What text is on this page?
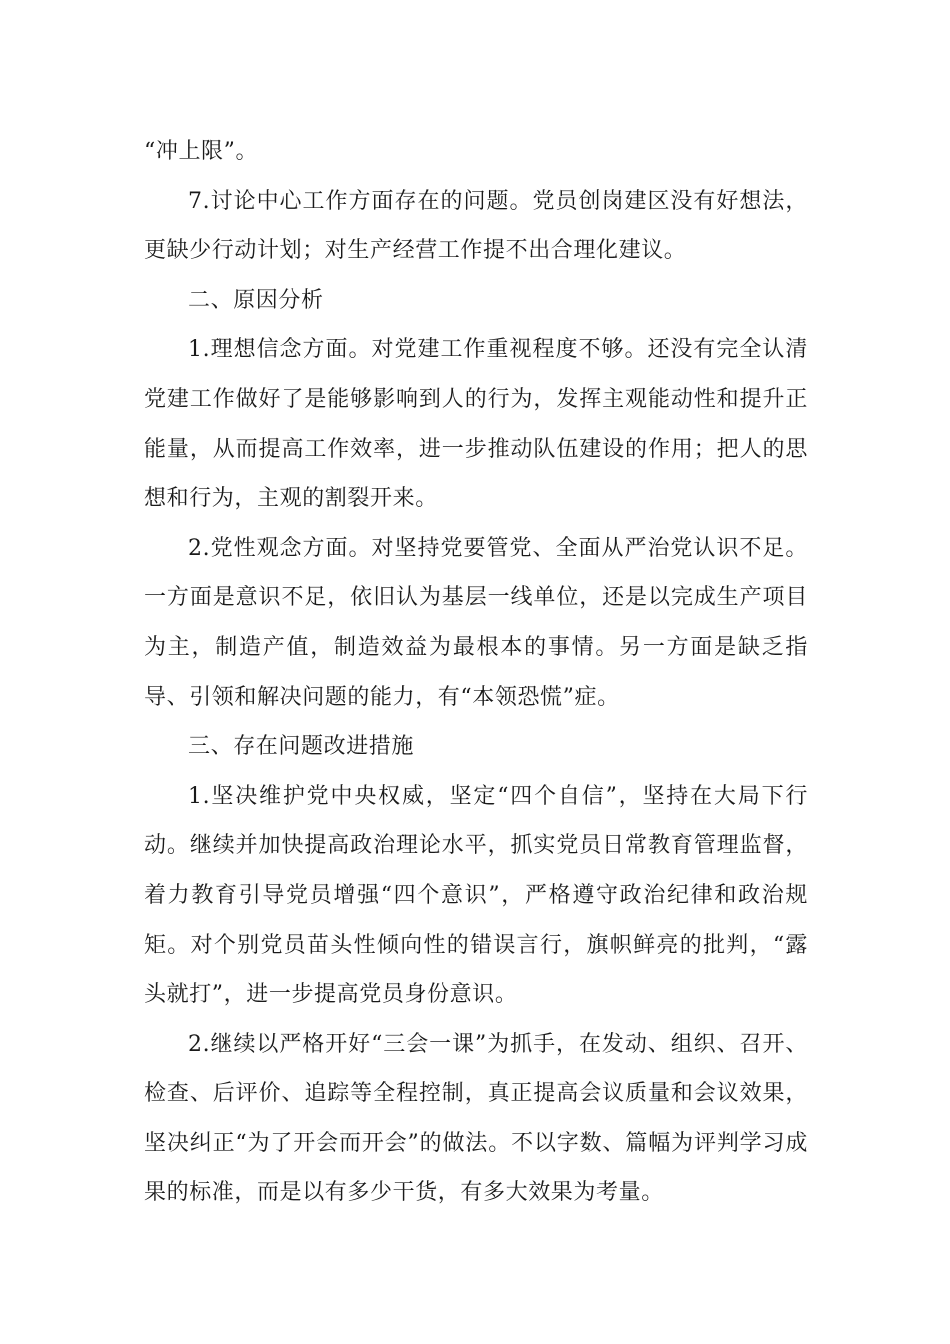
“冲上限”。

7.讨论中心工作方面存在的问题。党员创岗建区没有好想法，更缺少行动计划；对生产经营工作提不出合理化建议。

二、原因分析

1.理想信念方面。对党建工作重视程度不够。还没有完全认清党建工作做好了是能够影响到人的行为，发挥主观能动性和提升正能量，从而提高工作效率，进一步推动队伍建设的作用；把人的思想和行为，主观的割裂开来。

2.党性观念方面。对坚持党要管党、全面从严治党认识不足。一方面是意识不足，依旧认为基层一线单位，还是以完成生产项目为主，制造产值，制造效益为最根本的事情。另一方面是缺乏指导、引领和解决问题的能力，有“本领恐慌”症。

三、存在问题改进措施

1.坚决维护党中央权威，坚定“四个自信”，坚持在大局下行动。继续并加快提高政治理论水平，抓实党员日常教育管理监督，着力教育引导党员增强“四个意识”，严格遵守政治纪律和政治规矩。对个别党员苗头性倾向性的错误言行，旗帜鲜亮的批判，“露头就打”，进一步提高党员身份意识。

2.继续以严格开好“三会一课”为抓手，在发动、组织、召开、检查、后评价、追踪等全程控制，真正提高会议质量和会议效果，坚决纠正“为了开会而开会”的做法。不以字数、篇幅为评判学习成果的标准，而是以有多少干货，有多大效果为考量。
